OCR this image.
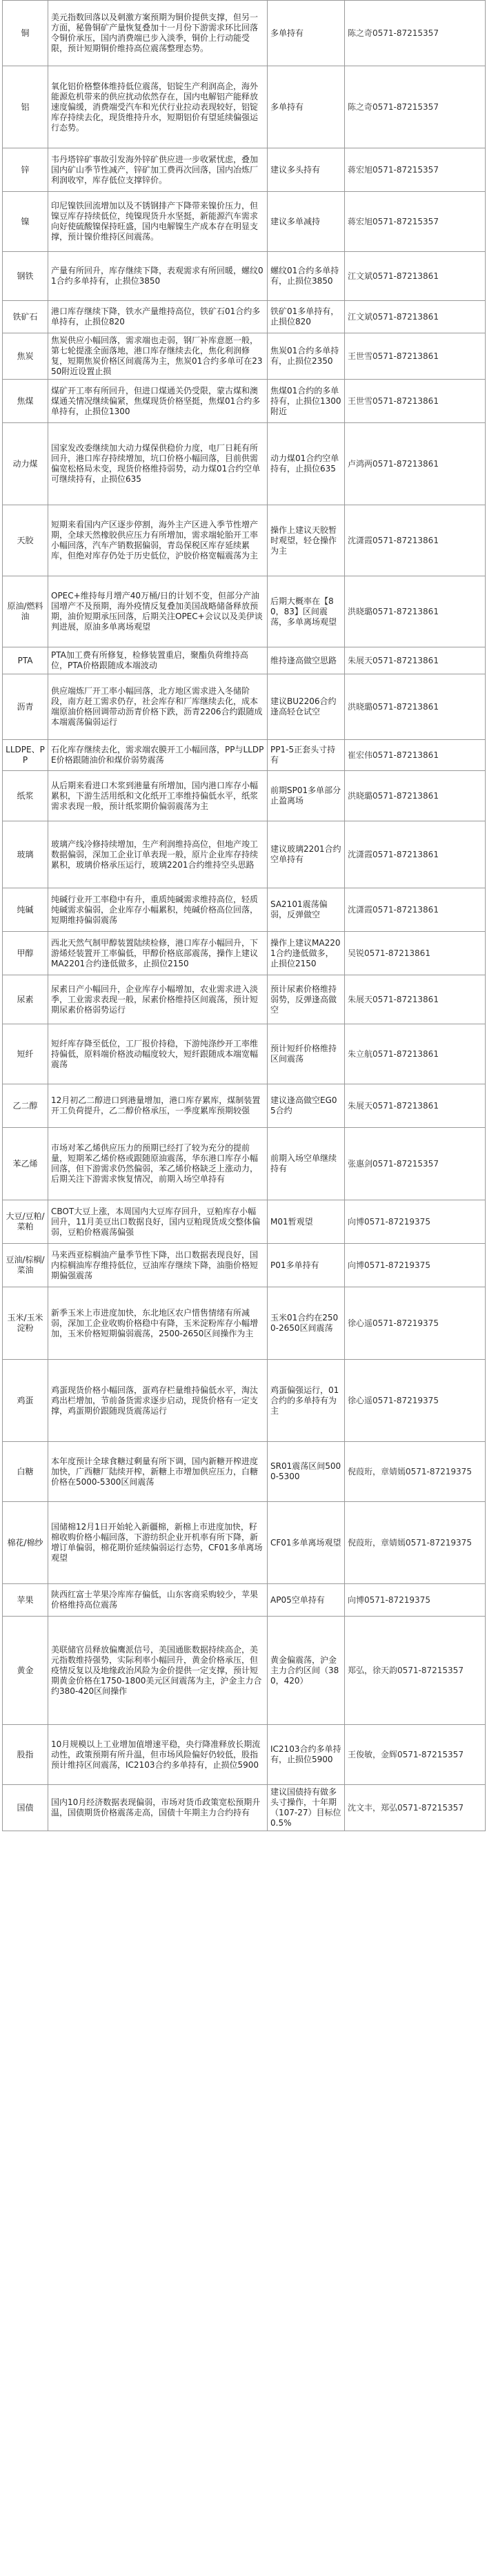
铜	美元指数回落以及刺激方案预期为铜价提供支撑，但另一方面，秘鲁铜矿产量恢复叠加十一月份下游需求环比回落令铜价承压，国内消费端已步入淡季，铜价上行动能受限，预计短期铜价维持高位震荡整理态势。	多单持有	陈之奇0571-87215357
铝	氧化铝价格整体维持低位震荡，铝锭生产利润高企，海外能源危机带来的供应扰动依然存在，国内电解铝产能释放速度偏缓，消费端受汽车和光伏行业拉动表现较好，铝锭库存持续去化，现货维持升水，短期铝价有望延续偏强运行态势。	多单持有	陈之奇0571-87215357
锌	韦丹塔锌矿事故引发海外锌矿供应进一步收紧忧虑，叠加国内矿山季节性减产，锌矿加工费再次回落，国内冶炼厂利润收窄，库存低位支撑锌价。	建议多头持有	蒋宏旭0571-87215357
镍	印尼镍铁回流增加以及不锈钢排产下降带来镍价压力，但镍豆库存持续低位，纯镍现货升水坚挺，新能源汽车需求向好使硫酸镍保持旺盛，国内电解镍生产成本存在明显支撑，预计镍价维持区间震荡。	建议多单减持	蒋宏旭0571-87215357
钢铁	产量有所回升，库存继续下降，表观需求有所回暖，螺纹01合约多单持有，止损位3850	螺纹01合约多单持有，止损位3850	江文斌0571-87213861
铁矿石	港口库存继续下降，铁水产量维持高位，铁矿石01合约多单持有，止损位820	铁矿01多单持有，止损位820	江文斌0571-87213861
焦炭	焦炭供应小幅回落，需求端也走弱，钢厂补库意愿一般，第七轮提涨全面落地，港口库存继续去化，焦化利润修复，短期焦炭价格区间震荡为主，焦炭01合约多单可在2350附近设置止损	焦炭01合约多单持有，止损位2350	王世雪0571-87213861
焦煤	煤矿开工率有所回升，但进口煤通关仍受限，蒙古煤和澳煤通关情况继续偏紧，焦煤现货价格坚挺，焦煤01合约多单持有，止损位1300	焦煤01合约的多单持有，止损位1300附近	王世雪0571-87213861
动力煤	国家发改委继续加大动力煤保供稳价力度，电厂日耗有所回升，港口库存持续增加，坑口价格小幅回落，目前供需偏宽松格局未变，现货价格维持弱势，动力煤01合约空单可继续持有，止损位635	动力煤01合约空单持有，止损位635	卢鸿两0571-87213861
天胶	短期来看国内产区逐步停割，海外主产区进入季节性增产期，全球天然橡胶供应压力有所增加，需求端轮胎开工率小幅回落，汽车产销数据偏弱，青岛保税区库存延续累库，但绝对库存仍处于历史低位，沪胶价格宽幅震荡为主	操作上建议天胶暂时观望，轻仓操作为主	沈潇霞0571-87213861
原油/燃料油	OPEC+维持每月增产40万桶/日的计划不变，但部分产油国增产不及预期，海外疫情反复叠加美国战略储备释放预期，油价短期承压回落，后期关注OPEC+会议以及美伊谈判进展，原油多单离场观望	后期大概率在【80，83】区间震荡，多单离场观望	洪晓璐0571-87213861
PTA	PTA加工费有所修复，检修装置重启，聚酯负荷维持高位，PTA价格跟随成本端波动	维持逢高做空思路	朱展天0571-87213861
沥青	供应端炼厂开工率小幅回落，北方地区需求进入冬储阶段，南方赶工需求仍存，社会库存和厂库继续去化，成本端原油价格回调带动沥青价格下跌，沥青2206合约跟随成本端震荡偏弱运行	建议BU2206合约逢高轻仓试空	洪晓璐0571-87213861
LLDPE、PP	石化库存继续去化，需求端农膜开工小幅回落，PP与LLDPE价格跟随油价和煤价弱势震荡	PP1-5正套头寸持有	崔宏伟0571-87213861
纸浆	从后期来看进口木浆到港量有所增加，国内港口库存小幅累积，下游生活用纸和文化纸开工率维持偏低水平，纸浆需求表现一般，预计纸浆期价偏弱震荡为主	前期SP01多单部分止盈离场	洪晓璐0571-87213861
玻璃	玻璃产线冷修持续增加，生产利润维持高位，但地产竣工数据偏弱，深加工企业订单表现一般，原片企业库存持续累积，玻璃价格承压运行，玻璃2201合约维持空头思路	建议玻璃2201合约空单持有	沈潇霞0571-87213861
纯碱	纯碱行业开工率稳中有升，重质纯碱需求维持高位，轻质纯碱需求偏弱，企业库存小幅累积，纯碱价格高位回落，短期维持偏弱震荡	SA2101震荡偏弱，反弹做空	沈潇霞0571-87213861
甲醇	西北天然气制甲醇装置陆续检修，港口库存小幅回升，下游烯烃装置开工率偏低，甲醇价格底部震荡，操作上建议MA2201合约逢低做多，止损位2150	操作上建议MA2201合约逢低做多，止损位2150	吴锐0571-87213861
尿素	尿素日产小幅回升，企业库存小幅增加，农业需求进入淡季，工业需求表现一般，尿素价格维持区间震荡，预计短期尿素价格弱势运行	预计尿素价格维持弱势，反弹逢高做空	朱展天0571-87213861
短纤	短纤库存降至低位，工厂报价持稳，下游纯涤纱开工率维持偏低，原料端价格波动幅度较大，短纤跟随成本端宽幅震荡	预计短纤价格维持区间震荡	朱立航0571-87213861
乙二醇	12月初乙二醇进口到港量增加，港口库存累库，煤制装置开工负荷提升，乙二醇价格承压，一季度累库预期较强	建议逢高做空EG05合约	朱展天0571-87213861
苯乙烯	市场对苯乙烯供应压力的预期已经打了较为充分的提前量，短期苯乙烯价格或跟随原油震荡，华东港口库存小幅回落，但下游需求仍然偏弱，苯乙烯价格缺乏上涨动力，后期关注下游需求恢复情况，前期入场空单持有	前期入场空单继续持有	张惠剑0571-87215357
大豆/豆粕/菜粕	CBOT大豆上涨，本周国内大豆库存回升，豆粕库存小幅回升，11月美豆出口数据良好，国内豆粕现货成交整体偏弱，豆粕价格震荡偏强	M01暂观望	向博0571-87219375
豆油/棕榈/菜油	马来西亚棕榈油产量季节性下降，出口数据表现良好，国内棕榈油库存维持低位，豆油库存继续下降，油脂价格短期偏强震荡	P01多单持有	向博0571-87219375
玉米/玉米淀粉	新季玉米上市进度加快，东北地区农户惜售情绪有所减弱，深加工企业收购价格稳中有降，玉米淀粉库存小幅增加，玉米价格短期偏弱震荡，2500-2650区间操作为主	玉米01合约在2500-2650区间震荡	徐心遥0571-87219375
鸡蛋	鸡蛋现货价格小幅回落，蛋鸡存栏量维持偏低水平，淘汰鸡出栏增加，节前备货需求逐步启动，现货价格有一定支撑，鸡蛋期价跟随现货震荡运行	鸡蛋偏强运行，01合约的多单持有为主	徐心遥0571-87219375
白糖	本年度预计全球食糖过剩量有所下调，国内新糖开榨进度加快，广西糖厂陆续开榨，新糖上市增加供应压力，白糖价格在5000-5300区间震荡	SR01震荡区间5000-5300	倪葭珩，章婧嫣0571-87219375
棉花/棉纱	国储棉12月1日开始轮入新疆棉，新棉上市进度加快，籽棉收购价格小幅回落，下游纺织企业开机率有所下降，新增订单偏弱，棉花期价延续偏弱运行态势，CF01多单离场观望	CF01多单离场观望	倪葭珩，章婧嫣0571-87219375
苹果	陕西红富士苹果冷库库存偏低，山东客商采购较少，苹果价格维持高位震荡	AP05空单持有	向博0571-87219375
黄金	美联储官员释放偏鹰派信号，美国通胀数据持续高企，美元指数维持强势，实际利率小幅回升，黄金价格承压，但疫情反复以及地缘政治风险为金价提供一定支撑，预计短期黄金价格在1750-1800美元区间震荡为主，沪金主力合约380-420区间操作	黄金偏震荡，沪金主力合约区间（380，420）	郑弘，徐天韵0571-87215357
股指	10月规模以上工业增加值增速平稳，央行降准释放长期流动性，政策预期有所升温，但市场风险偏好仍较低，股指预计维持区间震荡，IC2103合约多单持有，止损位5900	IC2103合约多单持有，止损位5900	王俊敏，金辉0571-87215357
国债	国内10月经济数据表现偏弱，市场对货币政策宽松预期升温，国债期货价格震荡走高，国债十年期主力合约持有	建议国债持有做多头寸操作，十年期（107-27）目标位0.5%	沈文丰，郑弘0571-87215357
